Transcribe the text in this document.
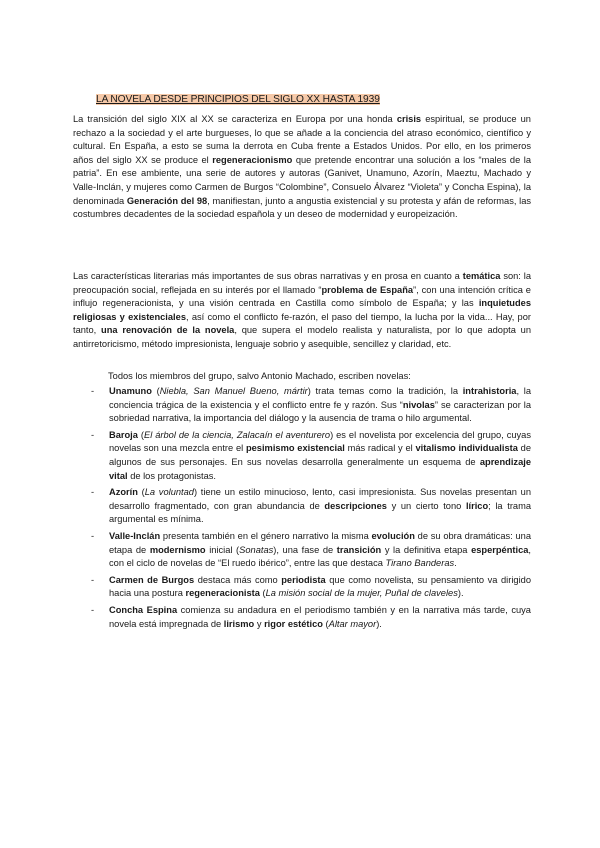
LA NOVELA DESDE PRINCIPIOS DEL SIGLO XX HASTA 1939

La transición del siglo XIX al XX se caracteriza en Europa por una honda crisis espiritual, se produce un rechazo a la sociedad y el arte burgueses, lo que se añade a la conciencia del atraso económico, científico y cultural. En España, a esto se suma la derrota en Cuba frente a Estados Unidos. Por ello, en los primeros años del siglo XX se produce el regeneracionismo que pretende encontrar una solución a los “males de la patria”. En ese ambiente, una serie de autores y autoras (Ganivet, Unamuno, Azorín, Maeztu, Machado y Valle-Inclán, y mujeres como Carmen de Burgos “Colombine”, Consuelo Álvarez “Violeta” y Concha Espina), la denominada Generación del 98, manifiestan, junto a angustia existencial y su protesta y afán de reformas, las costumbres decadentes de la sociedad española y un deseo de modernidad y europeización.

Las características literarias más importantes de sus obras narrativas y en prosa en cuanto a temática son: la preocupación social, reflejada en su interés por el llamado “problema de España”, con una intención crítica e influjo regeneracionista, y una visión centrada en Castilla como símbolo de España; y las inquietudes religiosas y existenciales, así como el conflicto fe-razón, el paso del tiempo, la lucha por la vida... Hay, por tanto, una renovación de la novela, que supera el modelo realista y naturalista, por lo que adopta un antirretoricismo, método impresionista, lenguaje sobrio y asequible, sencillez y claridad, etc.

Todos los miembros del grupo, salvo Antonio Machado, escriben novelas:

- Unamuno (Niebla, San Manuel Bueno, mártir) trata temas como la tradición, la intrahistoria, la conciencia trágica de la existencia y el conflicto entre fe y razón. Sus “nivolas” se caracterizan por la sobriedad narrativa, la importancia del diálogo y la ausencia de trama o hilo argumental.
- Baroja (El árbol de la ciencia, Zalacaín el aventurero) es el novelista por excelencia del grupo, cuyas novelas son una mezcla entre el pesimismo existencial más radical y el vitalismo individualista de algunos de sus personajes. En sus novelas desarrolla generalmente un esquema de aprendizaje vital de los protagonistas.
- Azorín (La voluntad) tiene un estilo minucioso, lento, casi impresionista. Sus novelas presentan un desarrollo fragmentado, con gran abundancia de descripciones y un cierto tono lírico; la trama argumental es mínima.
- Valle-Inclán presenta también en el género narrativo la misma evolución de su obra dramáticas: una etapa de modernismo inicial (Sonatas), una fase de transición y la definitiva etapa esperpéntica, con el ciclo de novelas de “El ruedo ibérico”, entre las que destaca Tirano Banderas.
- Carmen de Burgos destaca más como periodista que como novelista, su pensamiento va dirigido hacia una postura regeneracionista (La misión social de la mujer, Puñal de claveles).
- Concha Espina comienza su andadura en el periodismo también y en la narrativa más tarde, cuya novela está impregnada de lirismo y rigor estético (Altar mayor).
